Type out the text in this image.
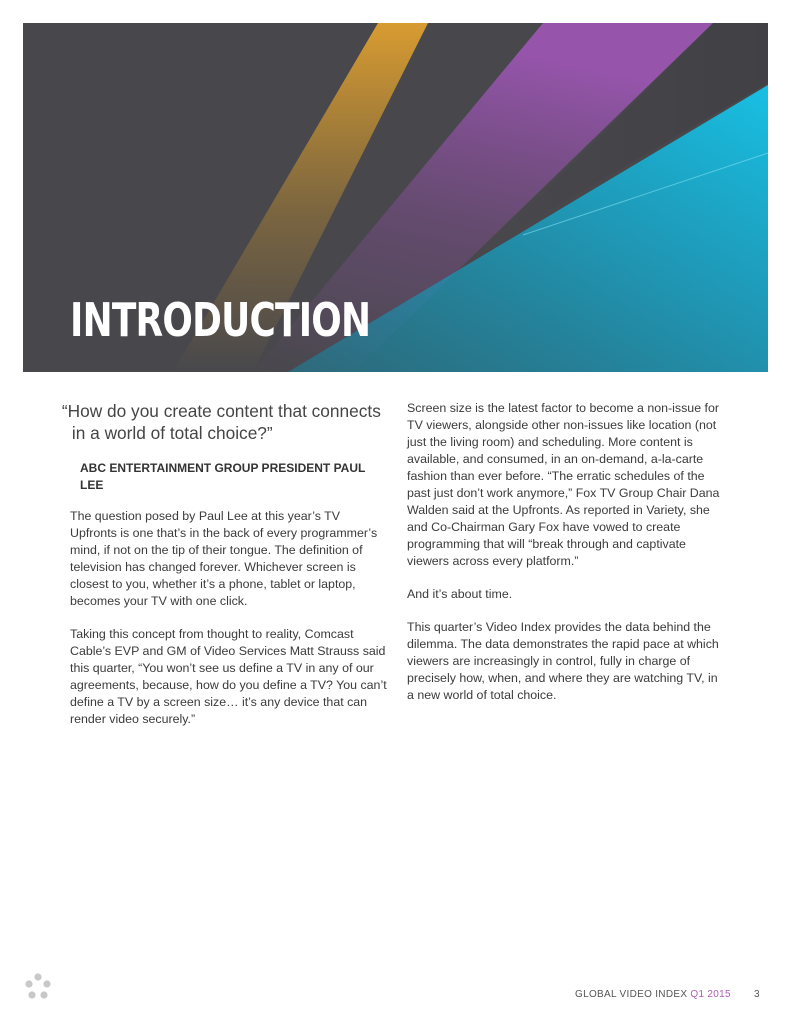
INTRODUCTION

“How do you create content that connects
in a world of total choice?”

ABC ENTERTAINMENT GROUP PRESIDENT PAUL LEE

The question posed by Paul Lee at this year’s TV Upfronts is one that’s in the back of every programmer’s mind, if not on the tip of their tongue. The definition of television has changed forever. Whichever screen is closest to you, whether it’s a phone, tablet or laptop, becomes your TV with one click.

Taking this concept from thought to reality, Comcast Cable’s EVP and GM of Video Services Matt Strauss said this quarter, “You won’t see us define a TV in any of our agreements, because, how do you define a TV? You can’t define a TV by a screen size… it’s any device that can render video securely.”

Screen size is the latest factor to become a non-issue for TV viewers, alongside other non-issues like location (not just the living room) and scheduling. More content is available, and consumed, in an on-demand, a-la-carte fashion than ever before. “The erratic schedules of the past just don’t work anymore,” Fox TV Group Chair Dana Walden said at the Upfronts. As reported in Variety, she and Co-Chairman Gary Fox have vowed to create programming that will “break through and captivate viewers across every platform.”

And it’s about time.

This quarter’s Video Index provides the data behind the dilemma. The data demonstrates the rapid pace at which viewers are increasingly in control, fully in charge of precisely how, when, and where they are watching TV, in a new world of total choice.

GLOBAL VIDEO INDEX Q1 2015 3
